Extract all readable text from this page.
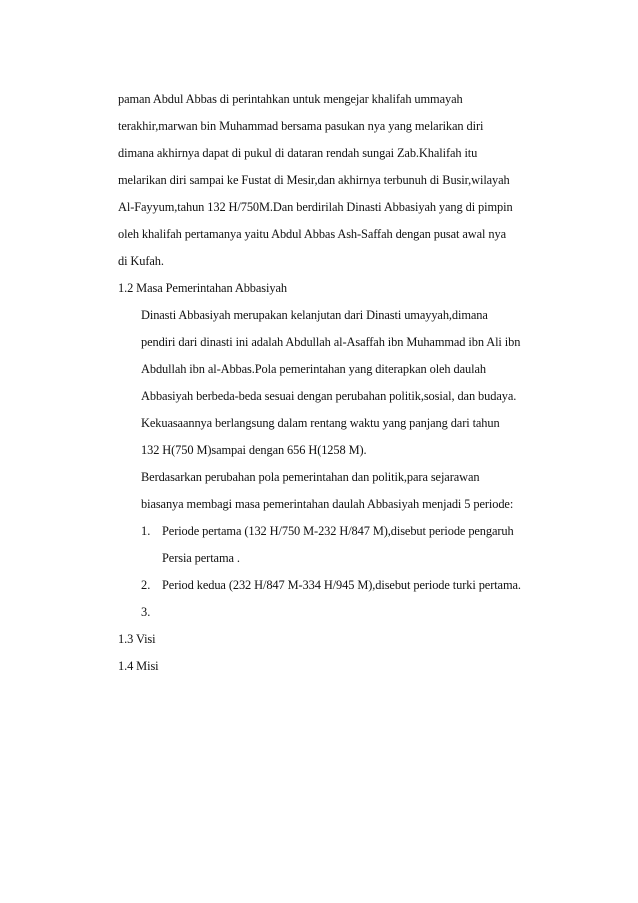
paman Abdul Abbas di perintahkan untuk mengejar khalifah ummayah
terakhir,marwan bin Muhammad bersama pasukan nya yang melarikan diri
dimana akhirnya dapat di pukul di dataran rendah sungai Zab.Khalifah itu
melarikan diri sampai ke Fustat di Mesir,dan akhirnya terbunuh di Busir,wilayah
Al-Fayyum,tahun 132 H/750M.Dan berdirilah Dinasti Abbasiyah yang di pimpin
oleh khalifah pertamanya yaitu Abdul Abbas Ash-Saffah dengan pusat awal nya
di Kufah.
1.2 Masa Pemerintahan Abbasiyah
Dinasti Abbasiyah merupakan kelanjutan dari Dinasti umayyah,dimana
pendiri dari dinasti ini adalah Abdullah al-Asaffah ibn Muhammad ibn Ali ibn
Abdullah ibn al-Abbas.Pola pemerintahan yang diterapkan oleh daulah
Abbasiyah berbeda-beda sesuai dengan perubahan politik,sosial, dan budaya.
Kekuasaannya berlangsung dalam rentang waktu yang panjang dari tahun
132 H(750 M)sampai dengan 656 H(1258 M).
Berdasarkan perubahan pola pemerintahan dan politik,para sejarawan
biasanya membagi masa pemerintahan daulah Abbasiyah menjadi 5 periode:
1. Periode pertama (132 H/750 M-232 H/847 M),disebut periode pengaruh
Persia pertama .
2. Period kedua (232 H/847 M-334 H/945 M),disebut periode turki pertama.
3.
1.3 Visi
1.4 Misi
